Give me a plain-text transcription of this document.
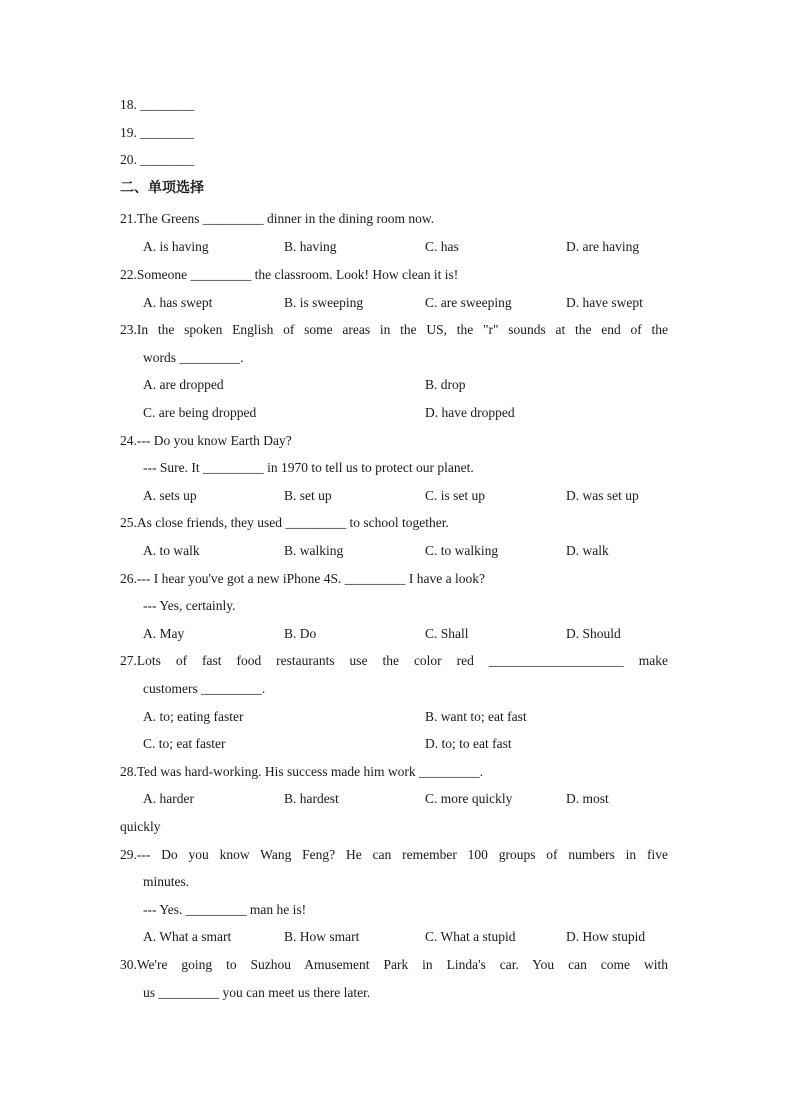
18. ________
19. ________
20. ________
二、单项选择
21.The Greens _________ dinner in the dining room now.
A. is having	B. having	C. has	D. are having
22.Someone _________ the classroom. Look! How clean it is!
A. has swept	B. is sweeping	C. are sweeping	D. have swept
23.In the spoken English of some areas in the US, the "r" sounds at the end of the
words _________.
A. are dropped	B. drop
C. are being dropped	D. have dropped
24.--- Do you know Earth Day?
--- Sure. It _________ in 1970 to tell us to protect our planet.
A. sets up	B. set up	C. is set up	D. was set up
25.As close friends, they used _________ to school together.
A. to walk	B. walking	C. to walking	D. walk
26.--- I hear you've got a new iPhone 4S. _________ I have a look?
--- Yes, certainly.
A. May	B. Do	C. Shall	D. Should
27.Lots of fast food restaurants use the color red ____________________ make
customers _________.
A. to; eating faster	B. want to; eat fast
C. to; eat faster	D. to; to eat fast
28.Ted was hard-working. His success made him work _________.
A. harder	B. hardest	C. more quickly	D. most
quickly
29.--- Do you know Wang Feng? He can remember 100 groups of numbers in five
minutes.
--- Yes. _________ man he is!
A. What a smart	B. How smart	C. What a stupid	D. How stupid
30.We're going to Suzhou Amusement Park in Linda's car. You can come with
us _________ you can meet us there later.
